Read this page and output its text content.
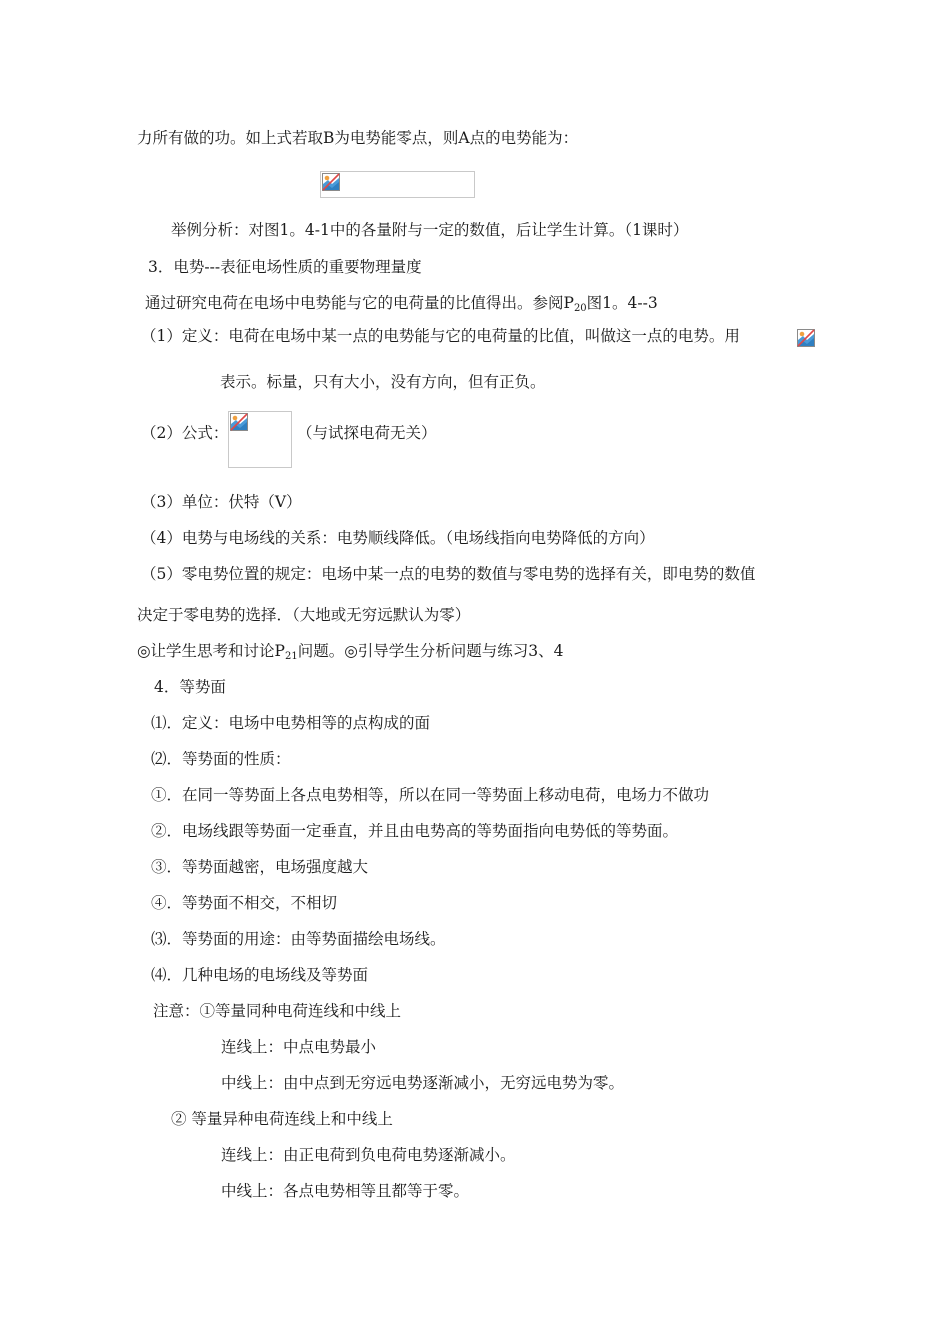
力所有做的功。如上式若取B为电势能零点，则A点的电势能为：
举例分析：对图1。4-1中的各量附与一定的数值，后让学生计算。（1课时）
3．电势---表征电场性质的重要物理量度
通过研究电荷在电场中电势能与它的电荷量的比值得出。参阅$P_{20}$图1。4--3
（1）定义：电荷在电场中某一点的电势能与它的电荷量的比值，叫做这一点的电势。用
表示。标量，只有大小，没有方向，但有正负。
（2）公式：	（与试探电荷无关）
（3）单位：伏特（V）
（4）电势与电场线的关系：电势顺线降低。（电场线指向电势降低的方向）
（5）零电势位置的规定：电场中某一点的电势的数值与零电势的选择有关，即电势的数值
决定于零电势的选择．（大地或无穷远默认为零）
◎让学生思考和讨论$P_{21}$问题。◎引导学生分析问题与练习3、4
4．等势面
⑴．定义：电场中电势相等的点构成的面
⑵．等势面的性质：
①．在同一等势面上各点电势相等，所以在同一等势面上移动电荷，电场力不做功
②．电场线跟等势面一定垂直，并且由电势高的等势面指向电势低的等势面。
③．等势面越密，电场强度越大
④．等势面不相交，不相切
⑶．等势面的用途：由等势面描绘电场线。
⑷．几种电场的电场线及等势面
注意：①等量同种电荷连线和中线上
连线上：中点电势最小
中线上：由中点到无穷远电势逐渐减小，无穷远电势为零。
② 等量异种电荷连线上和中线上
连线上：由正电荷到负电荷电势逐渐减小。
中线上：各点电势相等且都等于零。
